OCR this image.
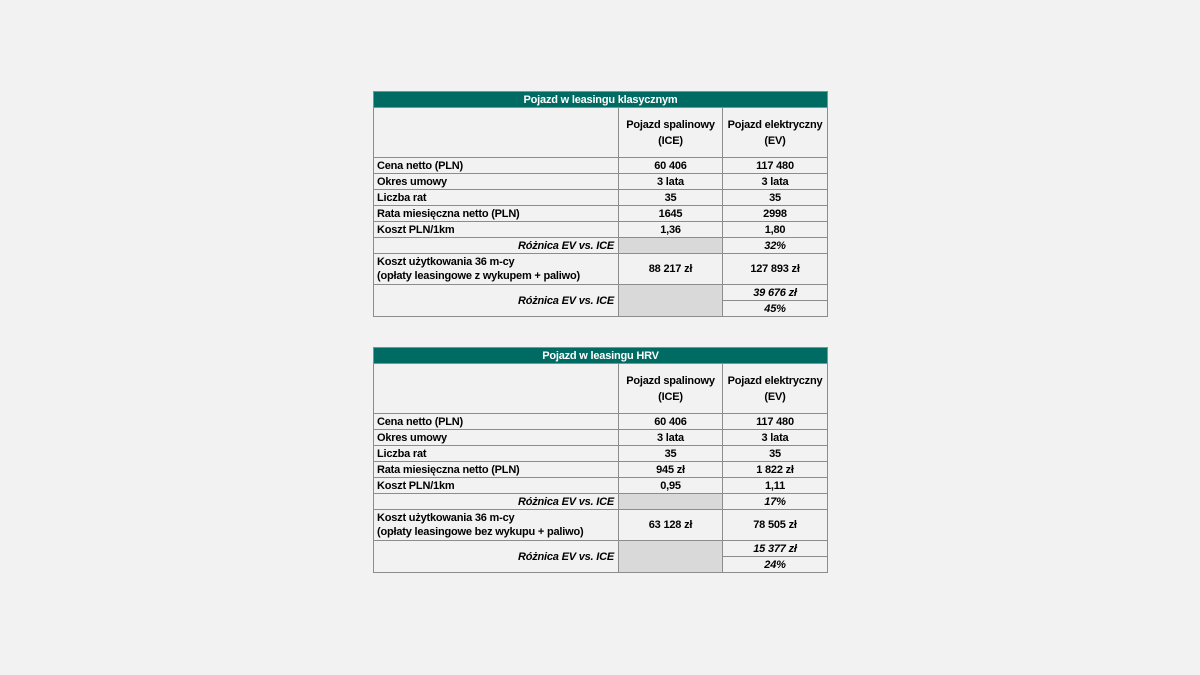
Pojazd w leasingu klasycznym		
	Pojazd spalinowy (ICE)	Pojazd elektryczny (EV)
Cena netto (PLN)	60 406	117 480
Okres umowy	3 lata	3 lata
Liczba rat	35	35
Rata miesięczna netto (PLN)	1645	2998
Koszt PLN/1km	1,36	1,80
Różnica EV vs. ICE		32%
Koszt użytkowania 36 m-cy
(opłaty leasingowe z wykupem + paliwo)	88 217 zł	127 893 zł
Różnica EV vs. ICE		39 676 zł
		45%
Pojazd w leasingu HRV		
	Pojazd spalinowy (ICE)	Pojazd elektryczny (EV)
Cena netto (PLN)	60 406	117 480
Okres umowy	3 lata	3 lata
Liczba rat	35	35
Rata miesięczna netto (PLN)	945 zł	1 822 zł
Koszt PLN/1km	0,95	1,11
Różnica EV vs. ICE		17%
Koszt użytkowania 36 m-cy
(opłaty leasingowe bez wykupu + paliwo)	63 128 zł	78 505 zł
Różnica EV vs. ICE		15 377 zł
		24%
